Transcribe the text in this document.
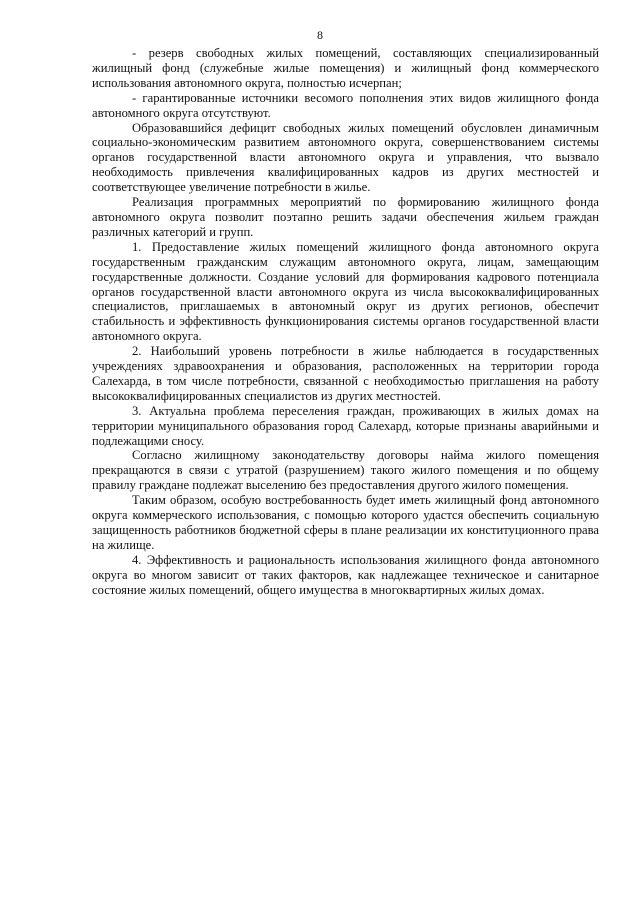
8

- резерв свободных жилых помещений, составляющих специализированный жилищный фонд (служебные жилые помещения) и жилищный фонд коммерческого использования автономного округа, полностью исчерпан;

- гарантированные источники весомого пополнения этих видов жилищного фонда автономного округа отсутствуют.

Образовавшийся дефицит свободных жилых помещений обусловлен динамичным социально-экономическим развитием автономного округа, совершенствованием системы органов государственной власти автономного округа и управления, что вызвало необходимость привлечения квалифицированных кадров из других местностей и соответствующее увеличение потребности в жилье.

Реализация программных мероприятий по формированию жилищного фонда автономного округа позволит поэтапно решить задачи обеспечения жильем граждан различных категорий и групп.

1. Предоставление жилых помещений жилищного фонда автономного округа государственным гражданским служащим автономного округа, лицам, замещающим государственные должности. Создание условий для формирования кадрового потенциала органов государственной власти автономного округа из числа высококвалифицированных специалистов, приглашаемых в автономный округ из других регионов, обеспечит стабильность и эффективность функционирования системы органов государственной власти автономного округа.

2. Наибольший уровень потребности в жилье наблюдается в государственных учреждениях здравоохранения и образования, расположенных на территории города Салехарда, в том числе потребности, связанной с необходимостью приглашения на работу высококвалифицированных специалистов из других местностей.

3. Актуальна проблема переселения граждан, проживающих в жилых домах на территории муниципального образования город Салехард, которые признаны аварийными и подлежащими сносу.

Согласно жилищному законодательству договоры найма жилого помещения прекращаются в связи с утратой (разрушением) такого жилого помещения и по общему правилу граждане подлежат выселению без предоставления другого жилого помещения.

Таким образом, особую востребованность будет иметь жилищный фонд автономного округа коммерческого использования, с помощью которого удастся обеспечить социальную защищенность работников бюджетной сферы в плане реализации их конституционного права на жилище.

4. Эффективность и рациональность использования жилищного фонда автономного округа во многом зависит от таких факторов, как надлежащее техническое и санитарное состояние жилых помещений, общего имущества в многоквартирных жилых домах.
